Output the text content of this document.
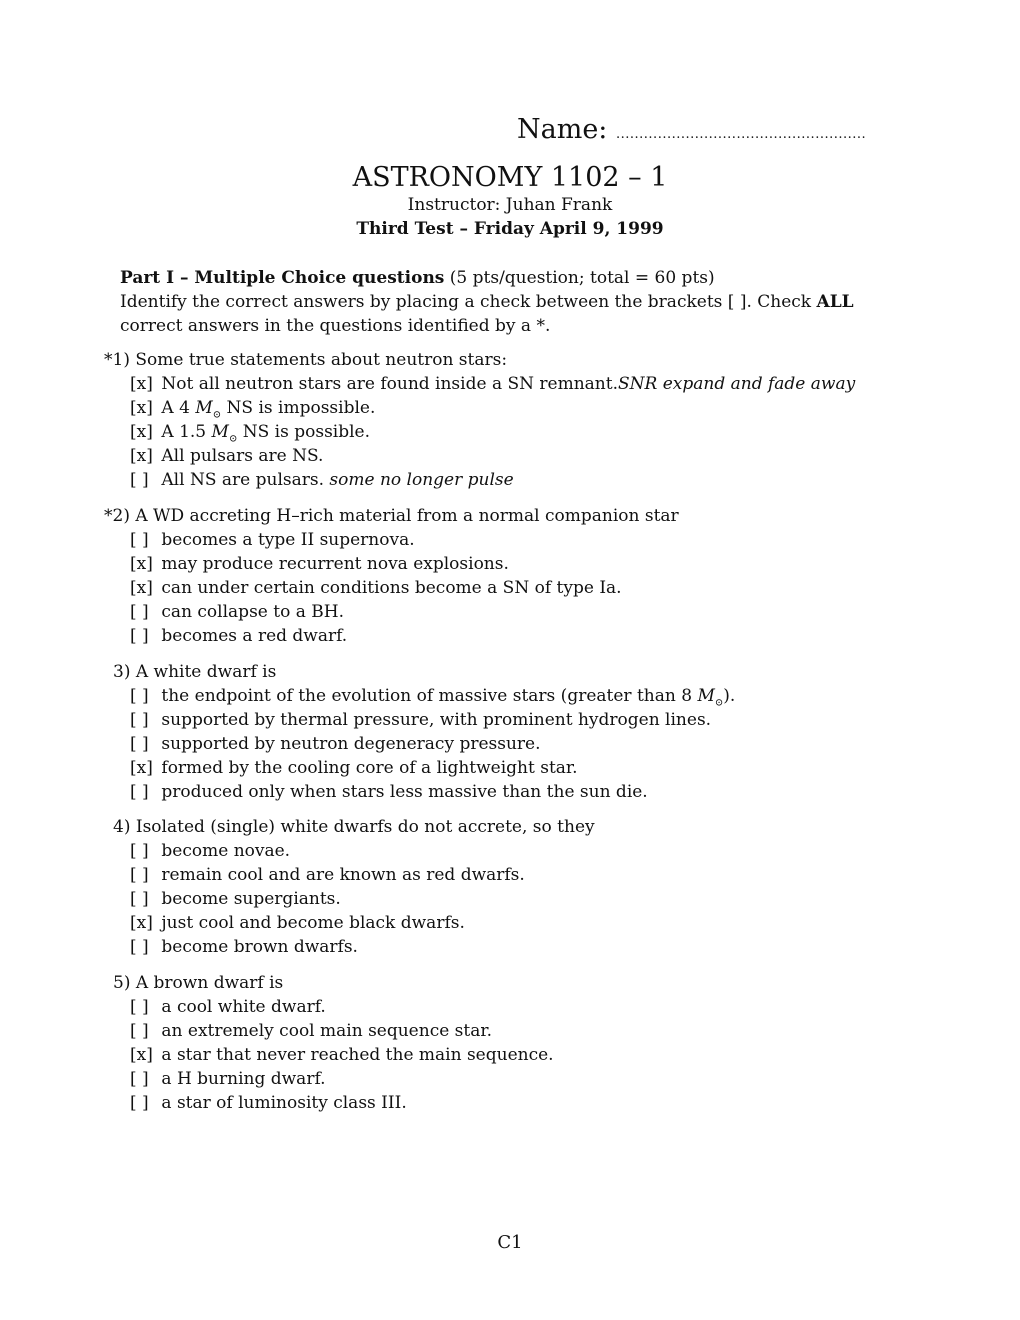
Name: ......................................................
ASTRONOMY 1102 – 1
Instructor: Juhan Frank
Third Test – Friday April 9, 1999
Part I – Multiple Choice questions (5 pts/question; total = 60 pts)
Identify the correct answers by placing a check between the brackets [ ]. Check ALL
correct answers in the questions identified by a *.
*1) Some true statements about neutron stars:
[x] Not all neutron stars are found inside a SN remnant.SNR expand and fade away
[x] A 4 $M_⊙$ NS is impossible.
[x] A 1.5 $M_⊙$ NS is possible.
[x] All pulsars are NS.
[ ] All NS are pulsars. some no longer pulse
*2) A WD accreting H–rich material from a normal companion star
[ ] becomes a type II supernova.
[x] may produce recurrent nova explosions.
[x] can under certain conditions become a SN of type Ia.
[ ] can collapse to a BH.
[ ] becomes a red dwarf.
3) A white dwarf is
[ ] the endpoint of the evolution of massive stars (greater than 8 $M_⊙$).
[ ] supported by thermal pressure, with prominent hydrogen lines.
[ ] supported by neutron degeneracy pressure.
[x] formed by the cooling core of a lightweight star.
[ ] produced only when stars less massive than the sun die.
4) Isolated (single) white dwarfs do not accrete, so they
[ ] become novae.
[ ] remain cool and are known as red dwarfs.
[ ] become supergiants.
[x] just cool and become black dwarfs.
[ ] become brown dwarfs.
5) A brown dwarf is
[ ] a cool white dwarf.
[ ] an extremely cool main sequence star.
[x] a star that never reached the main sequence.
[ ] a H burning dwarf.
[ ] a star of luminosity class III.
C1
